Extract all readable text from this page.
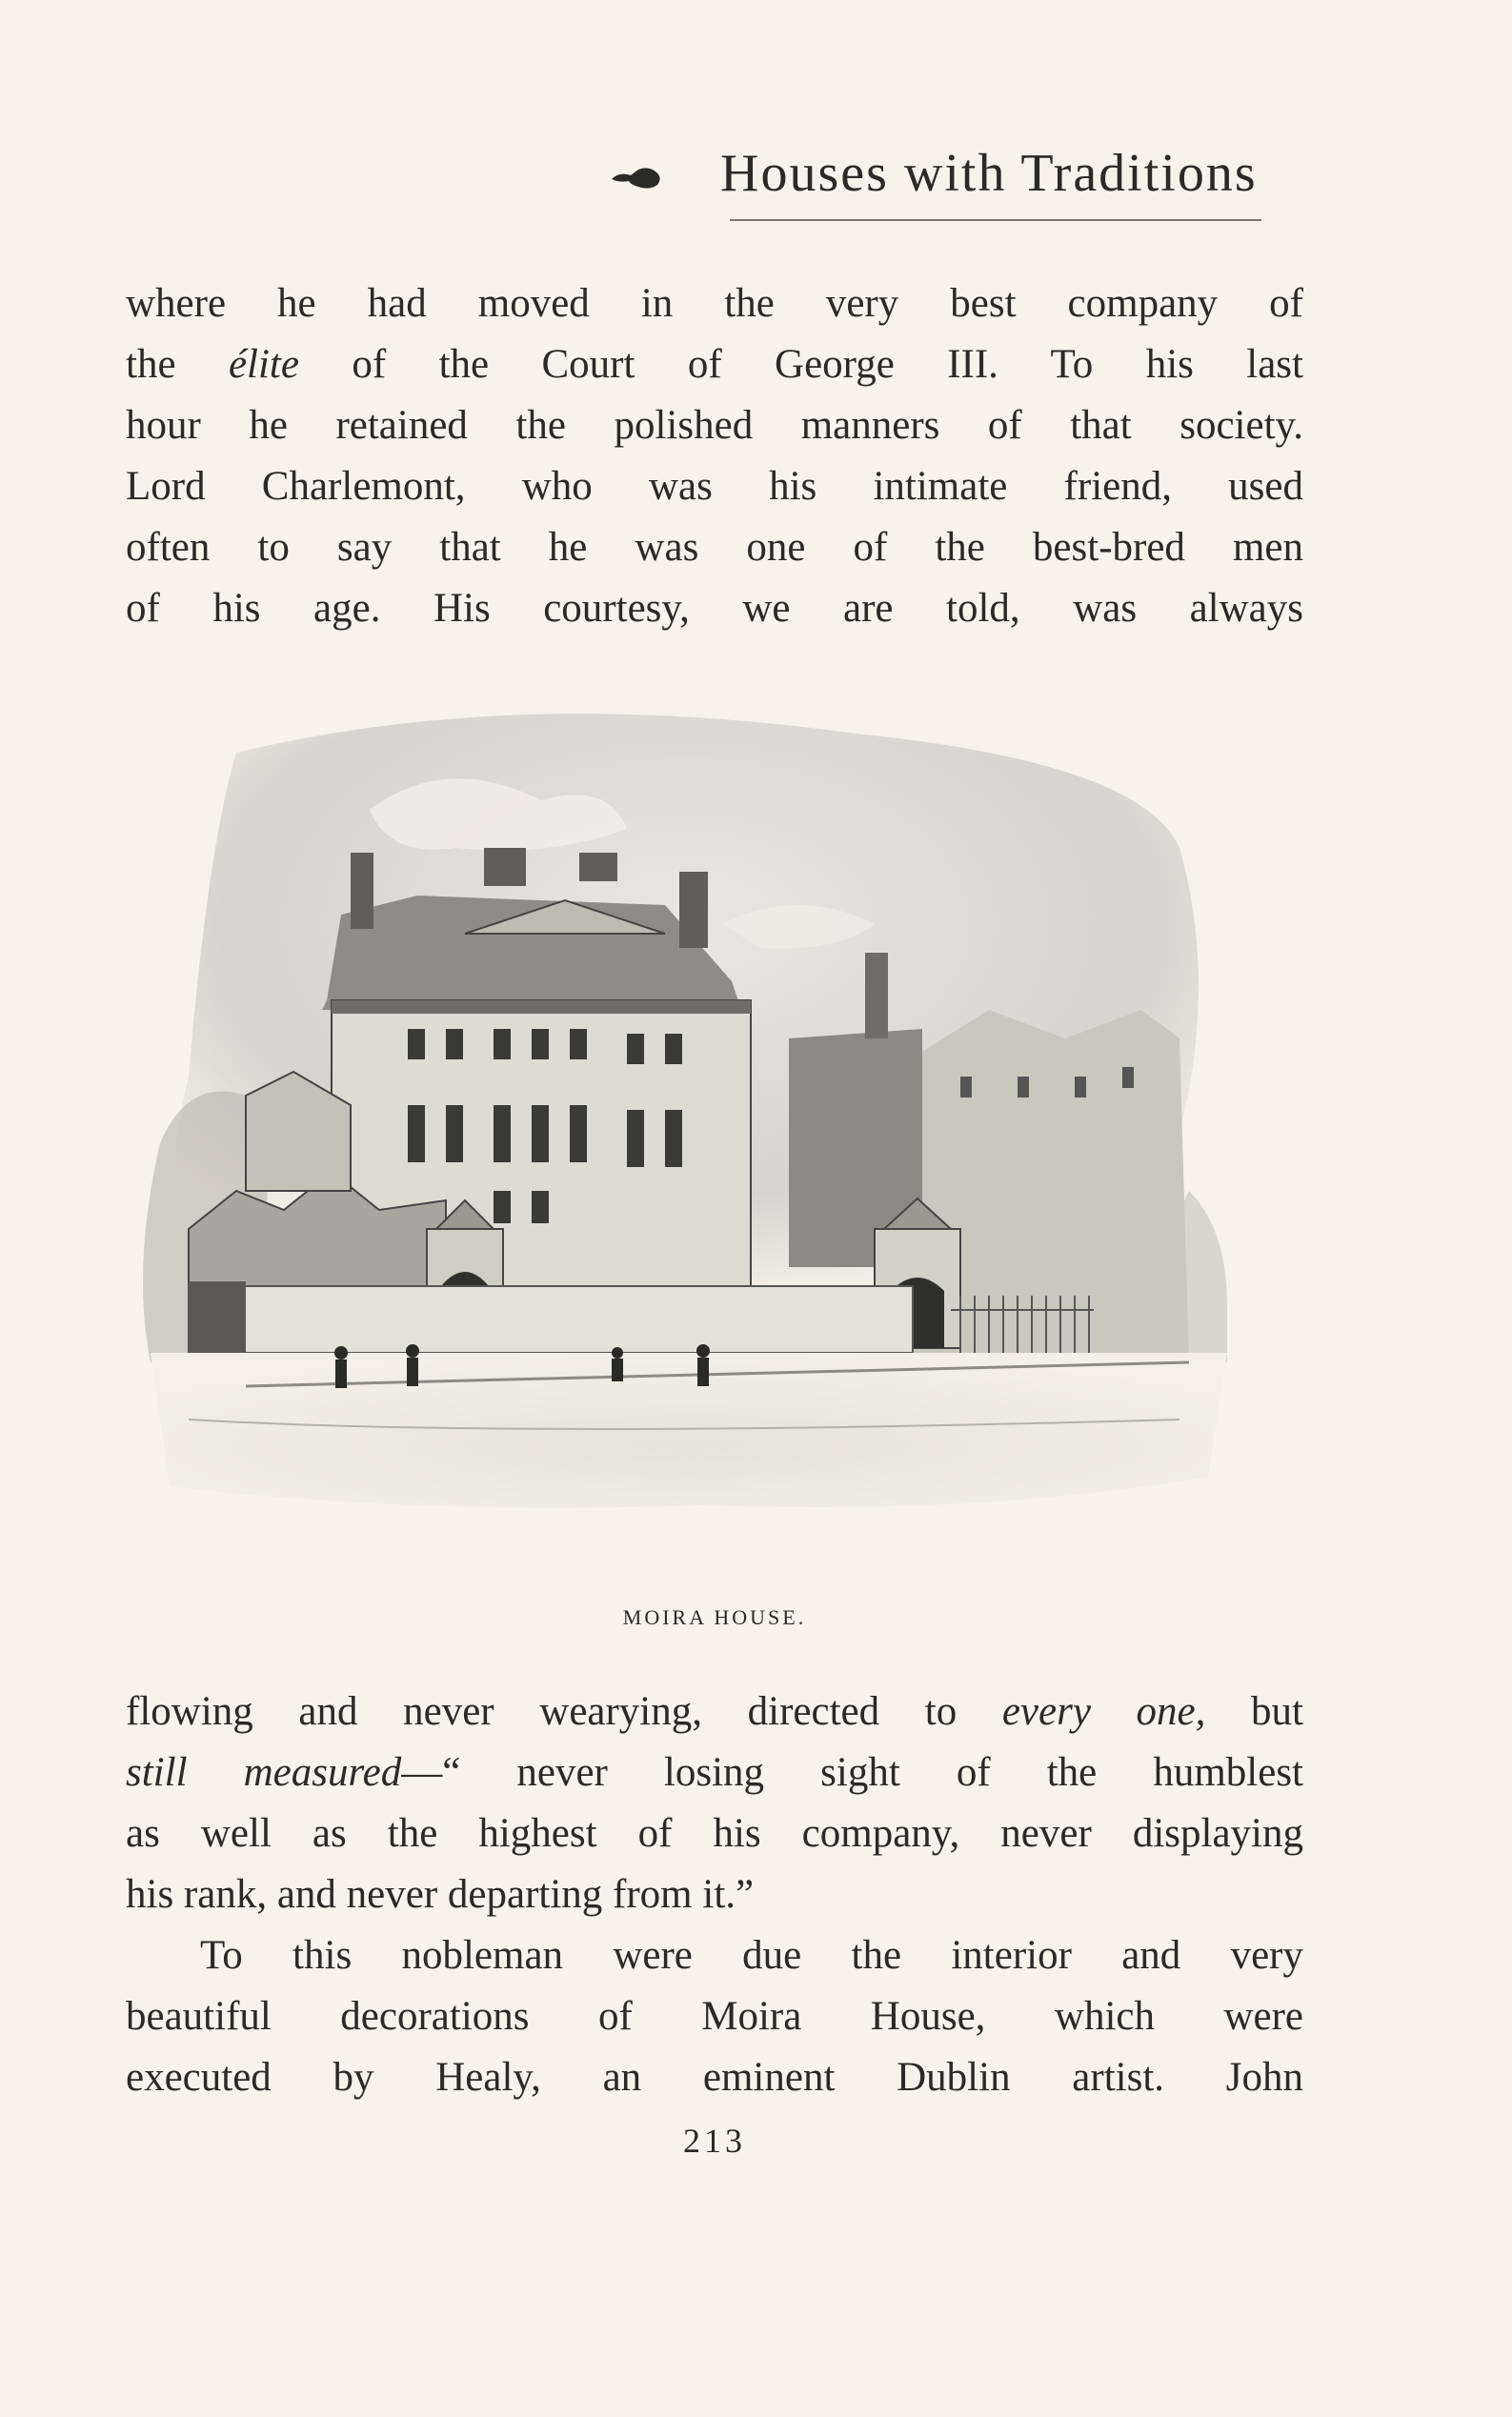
Houses with Traditions
where he had moved in the very best company of
the élite of the Court of George III. To his last
hour he retained the polished manners of that society.
Lord Charlemont, who was his intimate friend, used
often to say that he was one of the best-bred men
of his age. His courtesy, we are told, was always
MOIRA HOUSE.
flowing and never wearying, directed to every one, but
still measured—“ never losing sight of the humblest
as well as the highest of his company, never displaying
his rank, and never departing from it.”
To this nobleman were due the interior and very
beautiful decorations of Moira House, which were
executed by Healy, an eminent Dublin artist. John
213
